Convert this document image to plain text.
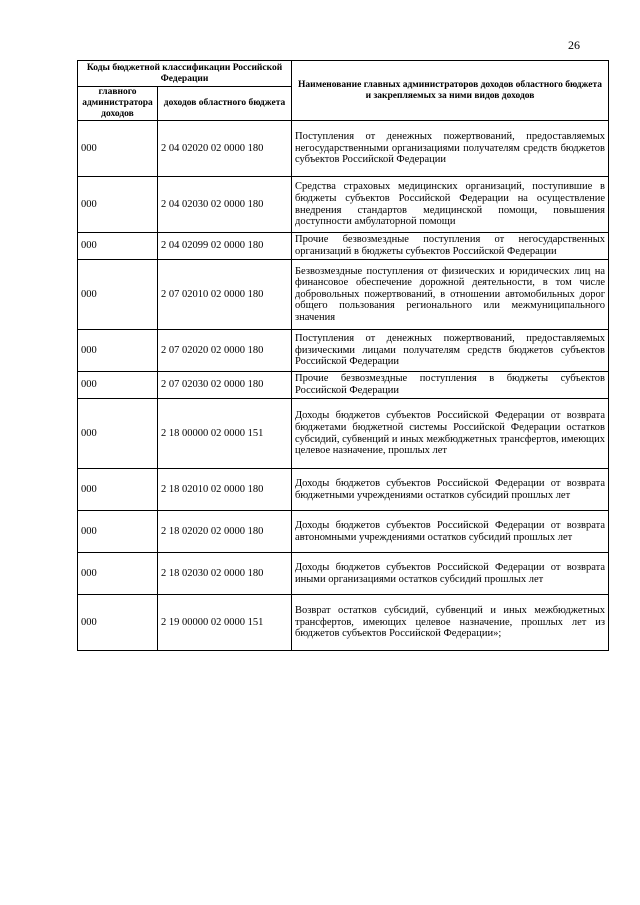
26
Коды бюджетной классификации Российской Федерации		Наименование главных администраторов доходов областного бюджета и закрепляемых за ними видов доходов
главного администратора доходов	доходов областного бюджета	
000	2 04 02020 02 0000 180	Поступления от денежных пожертвований, предоставляемых негосударственными организациями получателям средств бюджетов субъектов Российской Федерации
000	2 04 02030 02 0000 180	Средства страховых медицинских организаций, поступившие в бюджеты субъектов Российской Федерации на осуществление внедрения стандартов медицинской помощи, повышения доступности амбулаторной помощи
000	2 04 02099 02 0000 180	Прочие безвозмездные поступления от негосударственных организаций в бюджеты субъектов Российской Федерации
000	2 07 02010 02 0000 180	Безвозмездные поступления от физических и юридических лиц на финансовое обеспечение дорожной деятельности, в том числе добровольных пожертвований, в отношении автомобильных дорог общего пользования регионального или межмуниципального значения
000	2 07 02020 02 0000 180	Поступления от денежных пожертвований, предоставляемых физическими лицами получателям средств бюджетов субъектов Российской Федерации
000	2 07 02030 02 0000 180	Прочие безвозмездные поступления в бюджеты субъектов Российской Федерации
000	2 18 00000 02 0000 151	Доходы бюджетов субъектов Российской Федерации от возврата бюджетами бюджетной системы Российской Федерации остатков субсидий, субвенций и иных межбюджетных трансфертов, имеющих целевое назначение, прошлых лет
000	2 18 02010 02 0000 180	Доходы бюджетов субъектов Российской Федерации от возврата бюджетными учреждениями остатков субсидий прошлых лет
000	2 18 02020 02 0000 180	Доходы бюджетов субъектов Российской Федерации от возврата автономными учреждениями остатков субсидий прошлых лет
000	2 18 02030 02 0000 180	Доходы бюджетов субъектов Российской Федерации от возврата иными организациями остатков субсидий прошлых лет
000	2 19 00000 02 0000 151	Возврат остатков субсидий, субвенций и иных межбюджетных трансфертов, имеющих целевое назначение, прошлых лет из бюджетов субъектов Российской Федерации»;
